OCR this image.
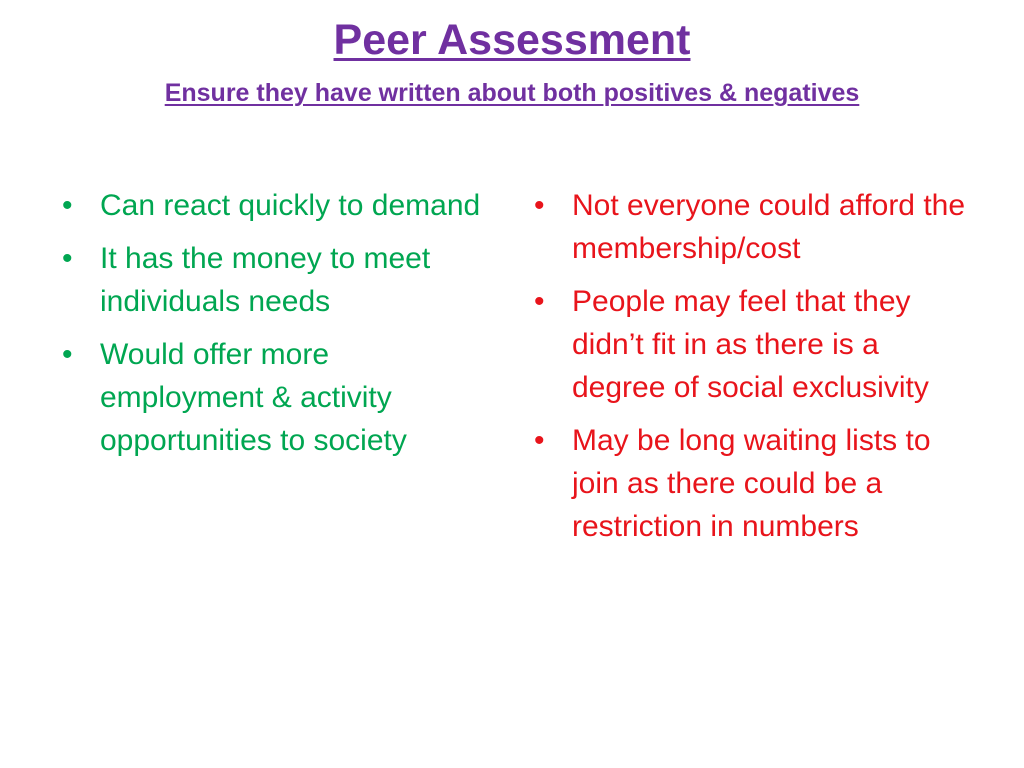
Peer Assessment
Ensure they have written about both positives & negatives
• Can react quickly to demand
• It has the money to meet individuals needs
• Would offer more employment & activity opportunities to society
• Not everyone could afford the membership/cost
• People may feel that they didn’t fit in as there is a degree of social exclusivity
• May be long waiting lists to join as there could be a restriction in numbers
